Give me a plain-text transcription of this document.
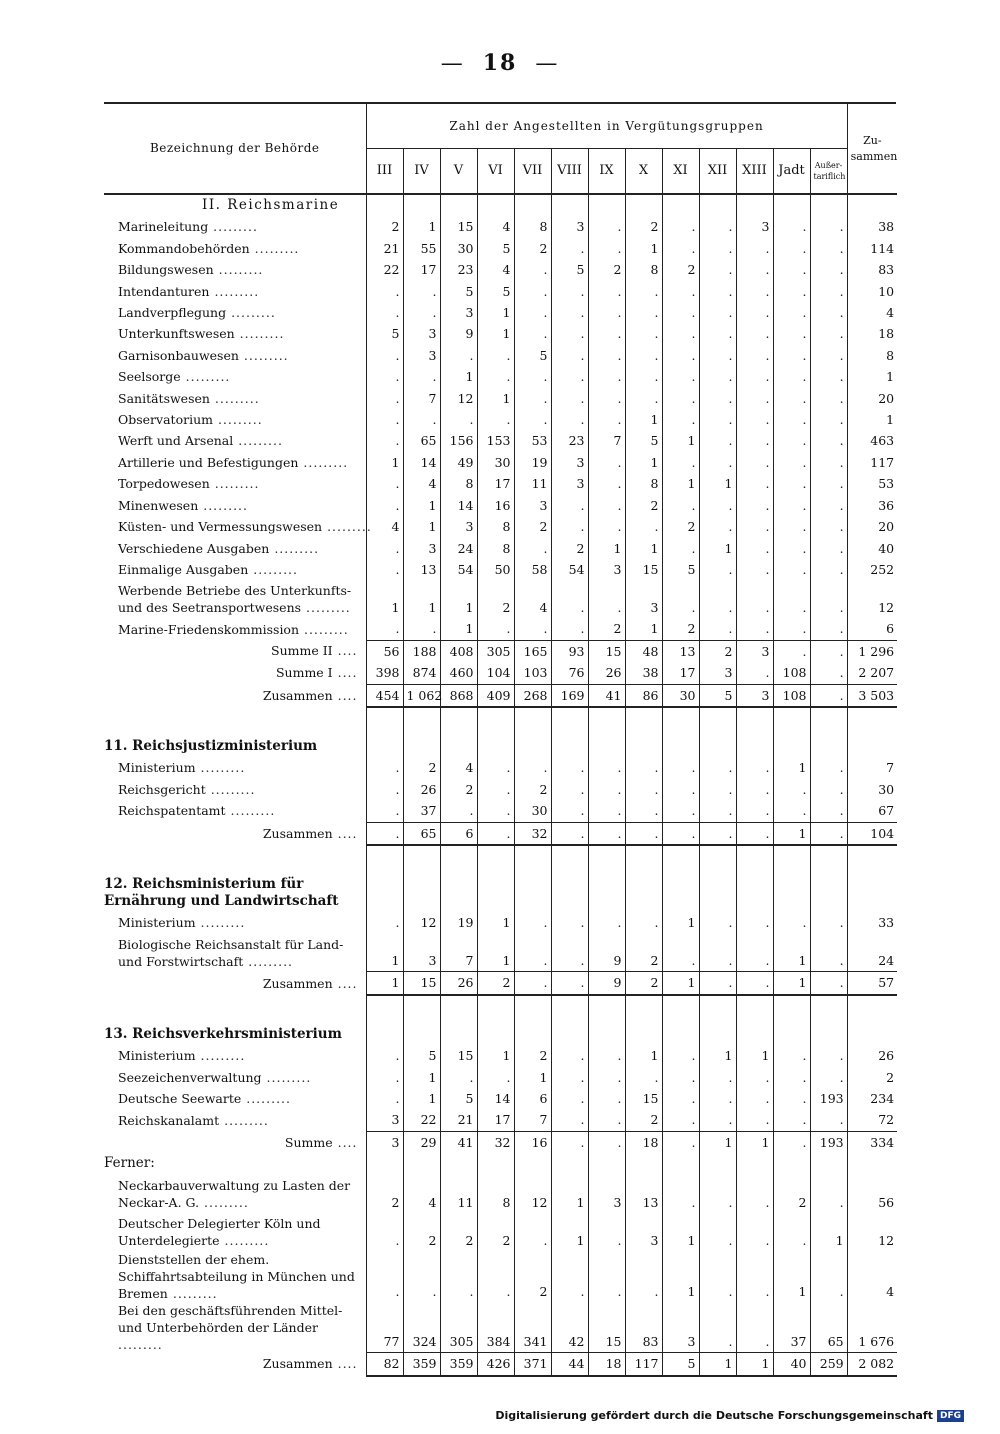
— 18 —
Bezeichnung der Behörde	Zahl der Angestellten in Vergütungsgruppen													Zu-sammen
	III	IV	V	VI	VII	VIII	IX	X	XI	XII	XIII	Jadt	Außer-tariflich	
II. Reichsmarine														
Marineleitung .........	2	1	15	4	8	3	.	2	.	.	3	.	.	38
Kommandobehörden .........	21	55	30	5	2	.	.	1	.	.	.	.	.	114
Bildungswesen .........	22	17	23	4	.	5	2	8	2	.	.	.	.	83
Intendanturen .........	.	.	5	5	.	.	.	.	.	.	.	.	.	10
Landverpflegung .........	.	.	3	1	.	.	.	.	.	.	.	.	.	4
Unterkunftswesen .........	5	3	9	1	.	.	.	.	.	.	.	.	.	18
Garnisonbauwesen .........	.	3	.	.	5	.	.	.	.	.	.	.	.	8
Seelsorge .........	.	.	1	.	.	.	.	.	.	.	.	.	.	1
Sanitätswesen .........	.	7	12	1	.	.	.	.	.	.	.	.	.	20
Observatorium .........	.	.	.	.	.	.	.	1	.	.	.	.	.	1
Werft und Arsenal .........	.	65	156	153	53	23	7	5	1	.	.	.	.	463
Artillerie und Befestigungen .........	1	14	49	30	19	3	.	1	.	.	.	.	.	117
Torpedowesen .........	.	4	8	17	11	3	.	8	1	1	.	.	.	53
Minenwesen .........	.	1	14	16	3	.	.	2	.	.	.	.	.	36
Küsten- und Vermessungswesen .........	4	1	3	8	2	.	.	.	2	.	.	.	.	20
Verschiedene Ausgaben .........	.	3	24	8	.	2	1	1	.	1	.	.	.	40
Einmalige Ausgaben .........	.	13	54	50	58	54	3	15	5	.	.	.	.	252
Werbende Betriebe des Unterkunfts- und des Seetransportwesens .........	1	1	1	2	4	.	.	3	.	.	.	.	.	12
Marine-Friedenskommission .........	.	.	1	.	.	.	2	1	2	.	.	.	.	6
Summe II ....	56	188	408	305	165	93	15	48	13	2	3	.	.	1 296
Summe I ....	398	874	460	104	103	76	26	38	17	3	.	108	.	2 207
Zusammen ....	454	1 062	868	409	268	169	41	86	30	5	3	108	.	3 503

11. Reichsjustizministerium														
Ministerium .........	.	2	4	.	.	.	.	.	.	.	.	1	.	7
Reichsgericht .........	.	26	2	.	2	.	.	.	.	.	.	.	.	30
Reichspatentamt .........	.	37	.	.	30	.	.	.	.	.	.	.	.	67
Zusammen ....	.	65	6	.	32	.	.	.	.	.	.	1	.	104

12. Reichsministerium für Ernährung und Landwirtschaft														
Ministerium .........	.	12	19	1	.	.	.	.	1	.	.	.	.	33
Biologische Reichsanstalt für Land- und Forstwirtschaft .........	1	3	7	1	.	.	9	2	.	.	.	1	.	24
Zusammen ....	1	15	26	2	.	.	9	2	1	.	.	1	.	57

13. Reichsverkehrsministerium														
Ministerium .........	.	5	15	1	2	.	.	1	.	1	1	.	.	26
Seezeichenverwaltung .........	.	1	.	.	1	.	.	.	.	.	.	.	.	2
Deutsche Seewarte .........	.	1	5	14	6	.	.	15	.	.	.	.	193	234
Reichskanalamt .........	3	22	21	17	7	.	.	2	.	.	.	.	.	72
Summe ....	3	29	41	32	16	.	.	18	.	1	1	.	193	334
Ferner:														
Neckarbauverwaltung zu Lasten der Neckar-A. G. .........	2	4	11	8	12	1	3	13	.	.	.	2	.	56
Deutscher Delegierter Köln und Unterdelegierte .........	.	2	2	2	.	1	.	3	1	.	.	.	1	12
Dienststellen der ehem. Schiffahrtsabteilung in München und Bremen .........	.	.	.	.	2	.	.	.	1	.	.	1	.	4
Bei den geschäftsführenden Mittel- und Unterbehörden der Länder .........	77	324	305	384	341	42	15	83	3	.	.	37	65	1 676
Zusammen ....	82	359	359	426	371	44	18	117	5	1	1	40	259	2 082
Digitalisierung gefördert durch die Deutsche Forschungsgemeinschaft DFG
